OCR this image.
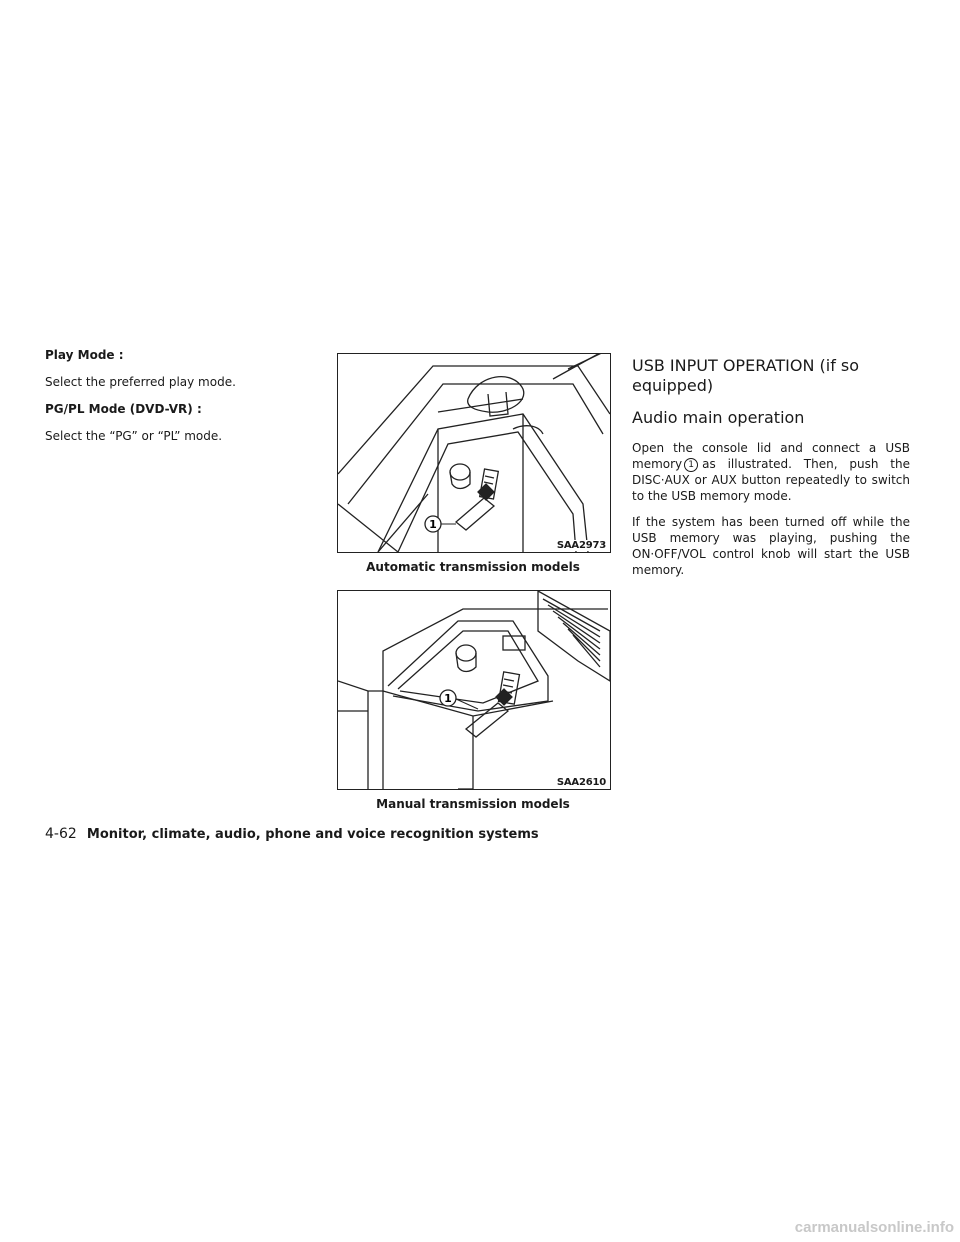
Play Mode :

Select the preferred play mode.

PG/PL Mode (DVD-VR) :

Select the “PG” or “PL” mode.

1
SAA2973
Automatic transmission models
1
SAA2610
Manual transmission models
USB INPUT OPERATION (if so equipped)
Audio main operation

Open the console lid and connect a USB memory 1 as illustrated. Then, push the DISC·AUX or AUX button repeatedly to switch to the USB memory mode.

If the system has been turned off while the USB memory was playing, pushing the ON·OFF/VOL control knob will start the USB memory.

4-62 Monitor, climate, audio, phone and voice recognition systems
carmanualsonline.info
